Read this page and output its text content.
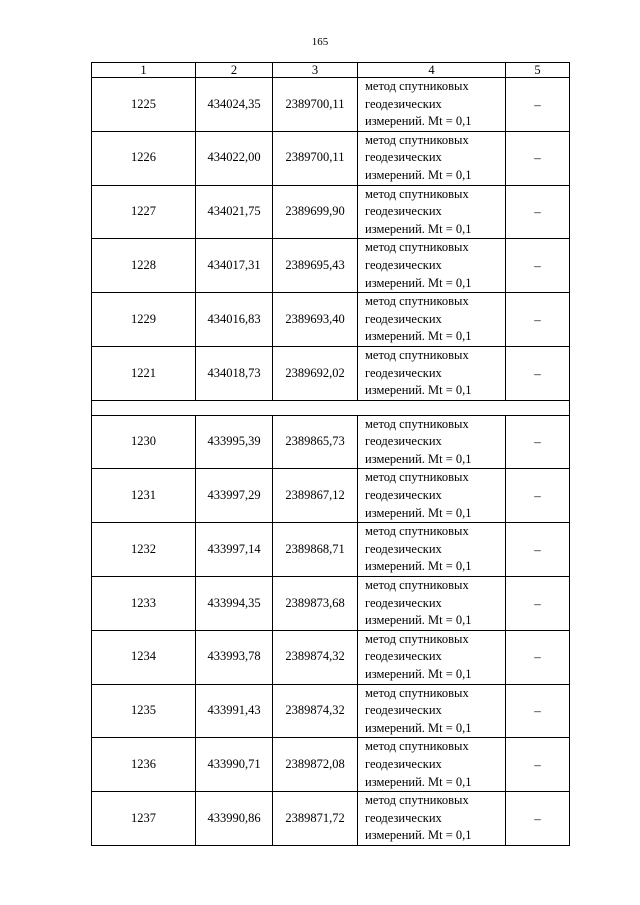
165
1	2	3	4	5
1225	434024,35	2389700,11	метод спутниковых
геодезических
измерений. Mt = 0,1	–
1226	434022,00	2389700,11	метод спутниковых
геодезических
измерений. Mt = 0,1	–
1227	434021,75	2389699,90	метод спутниковых
геодезических
измерений. Mt = 0,1	–
1228	434017,31	2389695,43	метод спутниковых
геодезических
измерений. Mt = 0,1	–
1229	434016,83	2389693,40	метод спутниковых
геодезических
измерений. Mt = 0,1	–
1221	434018,73	2389692,02	метод спутниковых
геодезических
измерений. Mt = 0,1	–

1230	433995,39	2389865,73	метод спутниковых
геодезических
измерений. Mt = 0,1	–
1231	433997,29	2389867,12	метод спутниковых
геодезических
измерений. Mt = 0,1	–
1232	433997,14	2389868,71	метод спутниковых
геодезических
измерений. Mt = 0,1	–
1233	433994,35	2389873,68	метод спутниковых
геодезических
измерений. Mt = 0,1	–
1234	433993,78	2389874,32	метод спутниковых
геодезических
измерений. Mt = 0,1	–
1235	433991,43	2389874,32	метод спутниковых
геодезических
измерений. Mt = 0,1	–
1236	433990,71	2389872,08	метод спутниковых
геодезических
измерений. Mt = 0,1	–
1237	433990,86	2389871,72	метод спутниковых
геодезических
измерений. Mt = 0,1	–
